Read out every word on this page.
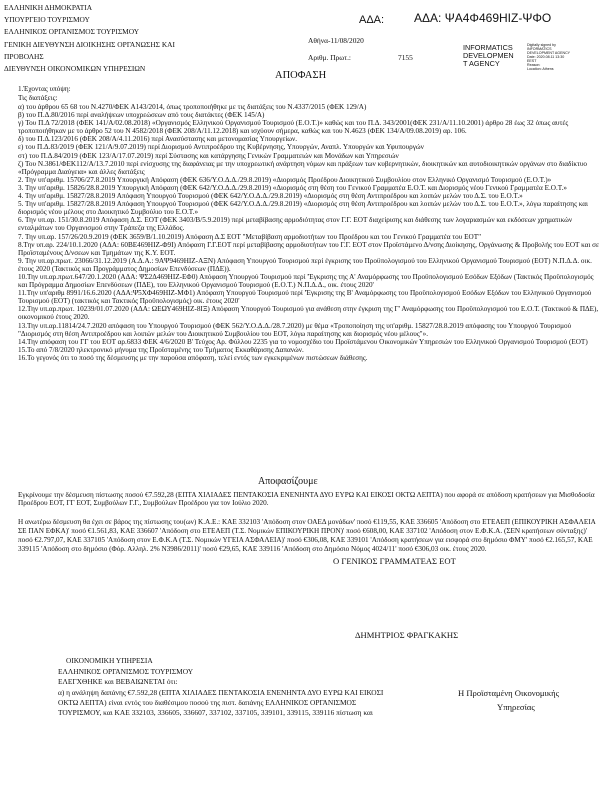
ΕΛΛΗΝΙΚΗ ΔΗΜΟΚΡΑΤΙΑ
ΥΠΟΥΡΓΕΙΟ ΤΟΥΡΙΣΜΟΥ
ΕΛΛΗΝΙΚΟΣ ΟΡΓΑΝΙΣΜΟΣ ΤΟΥΡΙΣΜΟΥ
ΓΕΝΙΚΗ ΔΙΕΥΘΥΝΣΗ ΔΙΟΙΚΗΣΗΣ ΟΡΓΑΝΩΣΗΣ ΚΑΙ
ΠΡΟΒΟΛΗΣ
ΔΙΕΥΘΥΝΣΗ ΟΙΚΟΝΟΜΙΚΩΝ ΥΠΗΡΕΣΙΩΝ
ΑΔΑ: ΑΔΑ: ΨΑ4Φ469ΗΙΖ-ΨΦΟ
Αθήνα-11/08/2020
Αριθμ. Πρωτ.:	7155
INFORMATICS
DEVELOPMEN
T AGENCY
Digitally signed by
INFORMATICS
DEVELOPMENT AGENCY
Date: 2020.08.11 13:30
EEST
Reason:
Location: Athens
ΑΠΟΦΑΣΗ
1.Έχοντας υπόψη:
Τις διατάξεις:
α) του άρθρου 65 68 του Ν.4270/ΦΕΚ Α143/2014, όπως τροποποιήθηκε με τις διατάξεις του Ν.4337/2015 (ΦΕΚ 129/Α)
β) του Π.Δ.80/2016 περί αναλήψεων υποχρεώσεων από τους διατάκτες (ΦΕΚ 145/Α)
γ) Του Π.Δ 72/2018 (ΦΕΚ 141/Α/02.08.2018) «Οργανισμός Ελληνικού Οργανισμού Τουρισμού (Ε.Ο.Τ.)» καθώς και του Π.Δ. 343/2001(ΦΕΚ 231/Α/11.10.2001) άρθρο 28 έως 32 όπως αυτές τροποποιήθηκαν με το άρθρο 52 του N 4582/2018 (ΦΕΚ 208/Α/11.12.2018) και ισχύουν σήμερα, καθώς και του Ν.4623 (ΦΕΚ 134/Α/09.08.2019) αρ. 106.
δ) του Π.Δ.123/2016 (ΦΕΚ 208/Α/4.11.2016) περί Ανασύστασης και μετονομασίας Υπουργείων.
ε) του Π.Δ.83/2019 (ΦΕΚ 121/Α/9.07.2019) περί Διορισμού Αντιπροέδρου της Κυβέρνησης, Υπουργών, Αναπλ. Υπουργών και Υφυπουργών
στ) του Π.Δ.84/2019 (ΦΕΚ 123/Α/17.07.2019) περί Σύστασης και κατάργησης Γενικών Γραμματειών και Μονάδων και Υπηρεσιών
ζ) Του Ν.3861/ΦΕΚ112/Α/13.7.2010 περί ενίσχυσης της διαφάνειας με την υποχρεωτική ανάρτηση νόμων και πράξεων των κυβερνητικών, διοικητικών και αυτοδιοικητικών οργάνων στο διαδίκτυο «Πρόγραμμα Διαύγεια» και άλλες διατάξεις
2. Την υπ'αριθμ. 15706/27.8.2019 Υπουργική Απόφαση (ΦΕΚ 636/Υ.Ο.Δ.Δ./29.8.2019) «Διορισμός Προέδρου Διοικητικού Συμβουλίου στον Ελληνικό Οργανισμό Τουρισμού (Ε.Ο.Τ.)»
3. Την υπ'αριθμ. 15826/28.8.2019 Υπουργική Απόφαση (ΦΕΚ 642/Υ.Ο.Δ.Δ./29.8.2019) «Διορισμός στη θέση του Γενικού Γραμματέα Ε.Ο.Τ. και Διορισμός νέου Γενικού Γραμματέα Ε.Ο.Τ.»
4. Την υπ'αριθμ. 15827/28.8.2019 Απόφαση Υπουργού Τουρισμού (ΦΕΚ 642/Υ.Ο.Δ.Δ./29.8.2019) «Διορισμός στη θέση Αντιπροέδρου και λοιπών μελών του Δ.Σ. του Ε.Ο.Τ.»
5. Την υπ'αριθμ. 15827/28.8.2019 Απόφαση Υπουργού Τουρισμού (ΦΕΚ 642/Υ.Ο.Δ.Δ./29.8.2019) «Διορισμός στη θέση Αντιπροέδρου και λοιπών μελών του Δ.Σ. του Ε.Ο.Τ.», λόγω παραίτησης και διορισμός νέου μέλους στο Διοικητικό Συμβούλιο του Ε.Ο.Τ.»
6. Την υπ.αρ. 151/30.8.2019 Απόφαση Δ.Σ. ΕΟΤ (ΦΕΚ 3403/Β/5.9.2019) περί μεταβίβασης αρμοδιότητας στον Γ.Γ. ΕΟΤ διαχείρισης και διάθεσης των λογαριασμών και εκδόσεων χρηματικών ενταλμάτων του Οργανισμού στην Τράπεζα της Ελλάδος.
7. Την υπ.αρ. 157/26/20.9.2019 (ΦΕΚ 3659/Β/1.10.2019) Απόφαση Δ.Σ ΕΟΤ "Μεταβίβαση αρμοδιοτήτων του Προέδρου και του Γενικού Γραμματέα του ΕΟΤ"
8.Την υπ.αρ. 224/10.1.2020 (ΑΔΑ: 60ΒΕ469ΗΙΖ-Φ9Ι) Απόφαση Γ.Γ.ΕΟΤ περί μεταβίβασης αρμοδιοτήτων του Γ.Γ. ΕΟΤ στον Προϊστάμενο Δ/νσης Διοίκησης, Οργάνωσης & Προβολής του ΕΟΤ και σε Προϊσταμένους Δ/νσεων και Τμημάτων της Κ.Υ. ΕΟΤ.
9. Την υπ.αρ.πρωτ. 23066/31.12.2019 (Α.Δ.Α.: 9ΑΨ9469ΗΙΖ-ΑΞΝ) Απόφαση Υπουργού Τουρισμού περί έγκρισης του Προϋπολογισμού του Ελληνικού Οργανισμού Τουρισμού (ΕΟΤ) Ν.Π.Δ.Δ. οικ. έτους 2020 (Τακτικός και Προγράμματος Δημοσίων Επενδύσεων (ΠΔΕ)).
10.Την υπ.αρ.πρωτ.647/20.1.2020 (ΑΔΑ: ΨΣ2Δ469ΗΙΖ-ΕΦ0) Απόφαση Υπουργού Τουρισμού περί 'Έγκρισης της Α' Αναμόρφωσης του Προϋπολογισμού Εσόδων Εξόδων (Τακτικός Προϋπολογισμός και Πρόγραμμα Δημοσίων Επενδύσεων (ΠΔΕ), του Ελληνικού Οργανισμού Τουρισμού (Ε.Ο.Τ.) Ν.Π.Δ.Δ., οικ. έτους 2020'
11.Την υπ'αριθμ 8991/16.6.2020 (ΑΔΑ:Ψ5ΧΦ469ΗΙΖ-ΜΦ1) Απόφαση Υπουργού Τουρισμού περί 'Έγκρισης της Β' Αναμόρφωσης του Προϋπολογισμού Εσόδων Εξόδων του Ελληνικού Οργανισμού Τουρισμού (ΕΟΤ) (τακτικός και Τακτικός Προϋπολογισμός) οικ. έτους 2020'
12.Την υπ.αρ.πρωτ. 10239/01.07.2020 (ΑΔΑ: ΩΕΩΥ469ΗΙΖ-8ΙΞ) Απόφαση Υπουργού Τουρισμού για ανάθεση στην έγκριση της Γ' Αναμόρφωσης του Προϋπολογισμού του Ε.Ο.Τ. (Τακτικού & ΠΔΕ), οικονομικού έτους 2020.
13.Την υπ.αρ.11814/24.7.2020 απόφαση του Υπουργού Τουρισμού (ΦΕΚ 562/Υ.Ο.Δ.Δ./28.7.2020) με θέμα «Τροποποίηση της υπ'αριθμ. 15827/28.8.2019 απόφασης του Υπουργού Τουρισμού "Διορισμός στη θέση Αντιπροέδρου και λοιπών μελών του Διοικητικού Συμβουλίου του ΕΟΤ, λόγω παραίτησης και διορισμός νέου μέλους"».
14.Την απόφαση του ΓΓ του ΕΟΤ αρ.6833 ΦΕΚ 4/6/2020 Β' Τεύχος Αρ. Φύλλου 2235 για το νομοσχέδιο του Προϊστάμενου Οικονομικών Υπηρεσιών του Ελληνικού Οργανισμού Τουρισμού (ΕΟΤ)
15.Το από 7/8/2020 ηλεκτρονικό μήνυμα της Προϊσταμένης του Τμήματος Εκκαθάρισης Δαπανών.
16.Το γεγονός ότι το ποσό της δέσμευσης με την παρούσα απόφαση, τελεί εντός των εγκεκριμένων πιστώσεων διάθεσης.
Αποφασίζουμε
Εγκρίνουμε την δέσμευση πίστωσης ποσού €7.592,28 (ΕΠΤΑ ΧΙΛΙΑΔΕΣ ΠΕΝΤΑΚΟΣΙΑ ΕΝΕΝΗΝΤΑ ΔΥΟ ΕΥΡΩ ΚΑΙ ΕΙΚΟΣΙ ΟΚΤΩ ΛΕΠΤΑ) που αφορά σε απόδοση κρατήσεων για Μισθοδοσία Προέδρου ΕΟΤ, ΓΓ ΕΟΤ, Συμβούλων Γ.Γ., Συμβούλων Προέδρου για τον Ιούλιο 2020.
Η ανωτέρω δέσμευση θα έχει σε βάρος της πίστωσης του(ων) Κ.Α.Ε.: ΚΑΕ 332103 'Απόδοση στον ΟΑΕΔ μονάδων' ποσό €119,55, ΚΑΕ 336605 'Απόδοση στο ΕΤΕΑΕΠ (ΕΠΙΚΟΥΡΙΚΗ ΑΣΦΑΛΕΙΑ ΣΕ ΠΑΝ ΕΦΚΑ)' ποσό €1.561,83, ΚΑΕ 336607 'Απόδοση στο ΕΤΕΑΕΠ (Τ.Σ. Νομικών ΕΠΙΚΟΥΡΙΚΗ ΠΡΟΝ)' ποσό €608,00, ΚΑΕ 337102 'Απόδοση στον Ε.Φ.Κ.Α. (ΣΕΝ κρατήσεων σύνταξης)' ποσό €2.797,07, ΚΑΕ 337105 'Απόδοση στον Ε.Φ.Κ.Α (Τ.Σ. Νομικών ΥΓΕΙΑ ΑΣΦΑΛΕΙΑ)' ποσό €306,08, ΚΑΕ 339101 'Απόδοση κρατήσεων για εισφορά στο δημόσιο ΦΜΥ' ποσό €2.165,57, ΚΑΕ 339115 'Απόδοση στο δημόσιο (Φόρ. Αλληλ. 2% Ν3986/2011)' ποσό €29,65, ΚΑΕ 339116 'Απόδοση στο Δημόσιο Νόμος 4024/11' ποσό €306,03 οικ. έτους 2020.
Ο ΓΕΝΙΚΟΣ ΓΡΑΜΜΑΤΕΑΣ ΕΟΤ
ΔΗΜΗΤΡΙΟΣ ΦΡΑΓΚΑΚΗΣ
ΟΙΚΟΝΟΜΙΚΗ ΥΠΗΡΕΣΙΑ
ΕΛΛΗΝΙΚΟΣ ΟΡΓΑΝΙΣΜΟΣ ΤΟΥΡΙΣΜΟΥ
ΕΛΕΓΧΘΗΚΕ και ΒΕΒΑΙΩΝΕΤΑΙ ότι:
α) η ανάληψη δαπάνης €7.592,28 (ΕΠΤΑ ΧΙΛΙΑΔΕΣ ΠΕΝΤΑΚΟΣΙΑ ΕΝΕΝΗΝΤΑ ΔΥΟ ΕΥΡΩ ΚΑΙ ΕΙΚΟΣΙ ΟΚΤΩ ΛΕΠΤΑ) είναι εντός του διαθέσιμου ποσού της πιστ. δαπάνης ΕΛΛΗΝΙΚΟΣ ΟΡΓΑΝΙΣΜΟΣ ΤΟΥΡΙΣΜΟΥ, και ΚΑΕ 332103, 336605, 336607, 337102, 337105, 339101, 339115, 339116 πίστωση και
Η Προϊσταμένη Οικονομικής
Υπηρεσίας
